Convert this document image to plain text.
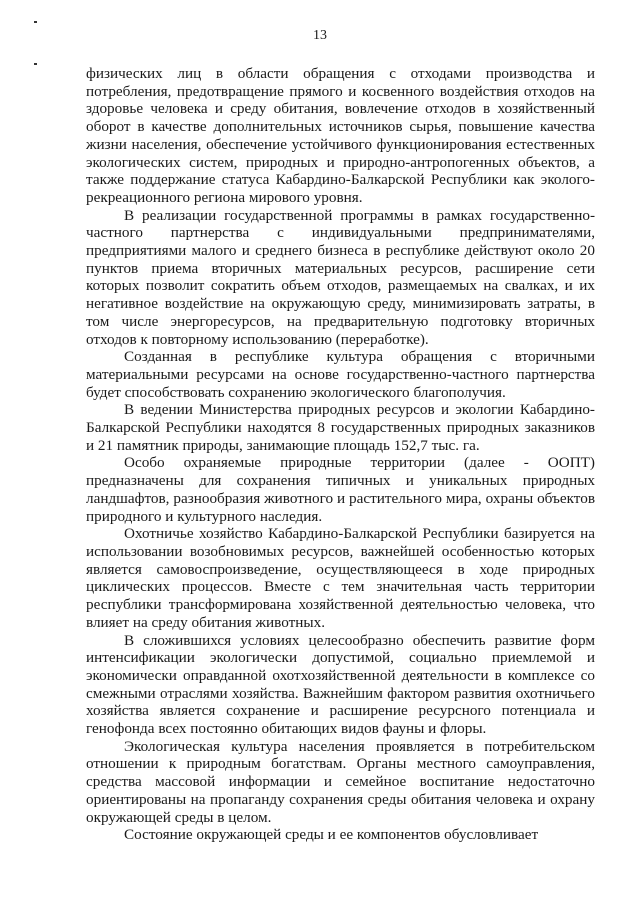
13

физических лиц в области обращения с отходами производства и потребления, предотвращение прямого и косвенного воздействия отходов на здоровье человека и среду обитания, вовлечение отходов в хозяйственный оборот в качестве дополнительных источников сырья, повышение качества жизни населения, обеспечение устойчивого функционирования естественных экологических систем, природных и природно-антропогенных объектов, а также поддержание статуса Кабардино-Балкарской Республики как эколого-рекреационного региона мирового уровня.

В реализации государственной программы в рамках государственно-частного партнерства с индивидуальными предпринимателями, предприятиями малого и среднего бизнеса в республике действуют около 20 пунктов приема вторичных материальных ресурсов, расширение сети которых позволит сократить объем отходов, размещаемых на свалках, и их негативное воздействие на окружающую среду, минимизировать затраты, в том числе энергоресурсов, на предварительную подготовку вторичных отходов к повторному использованию (переработке).

Созданная в республике культура обращения с вторичными материальными ресурсами на основе государственно-частного партнерства будет способствовать сохранению экологического благополучия.

В ведении Министерства природных ресурсов и экологии Кабардино-Балкарской Республики находятся 8 государственных природных заказников и 21 памятник природы, занимающие площадь 152,7 тыс. га.

Особо охраняемые природные территории (далее - ООПТ) предназначены для сохранения типичных и уникальных природных ландшафтов, разнообразия животного и растительного мира, охраны объектов природного и культурного наследия.

Охотничье хозяйство Кабардино-Балкарской Республики базируется на использовании возобновимых ресурсов, важнейшей особенностью которых является самовоспроизведение, осуществляющееся в ходе природных циклических процессов. Вместе с тем значительная часть территории республики трансформирована хозяйственной деятельностью человека, что влияет на среду обитания животных.

В сложившихся условиях целесообразно обеспечить развитие форм интенсификации экологически допустимой, социально приемлемой и экономически оправданной охотхозяйственной деятельности в комплексе со смежными отраслями хозяйства. Важнейшим фактором развития охотничьего хозяйства является сохранение и расширение ресурсного потенциала и генофонда всех постоянно обитающих видов фауны и флоры.

Экологическая культура населения проявляется в потребительском отношении к природным богатствам. Органы местного самоуправления, средства массовой информации и семейное воспитание недостаточно ориентированы на пропаганду сохранения среды обитания человека и охрану окружающей среды в целом.

Состояние окружающей среды и ее компонентов обусловливает
